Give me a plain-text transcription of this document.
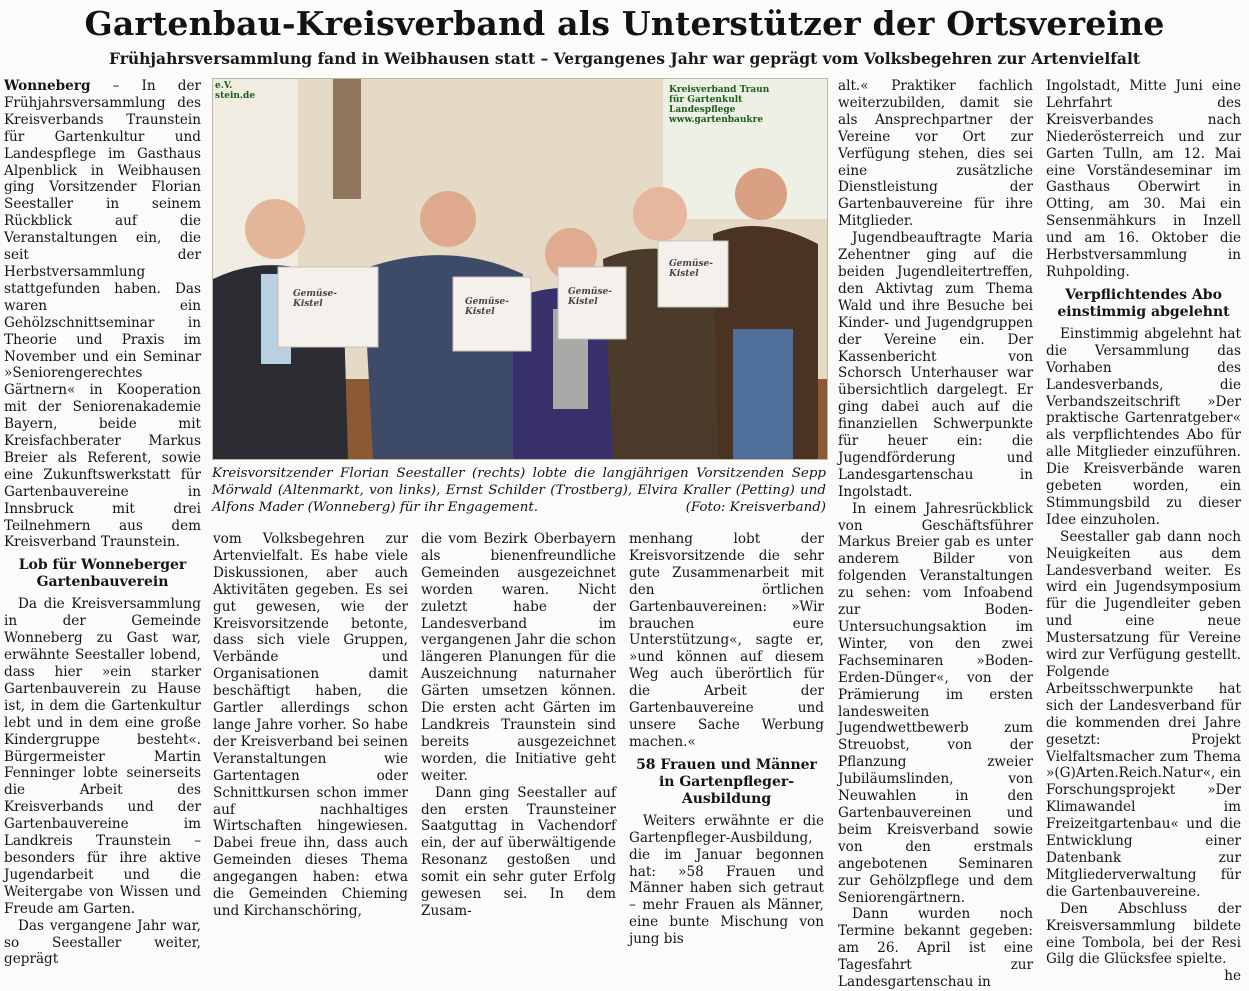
Gartenbau-Kreisverband als Unterstützer der Ortsvereine
Frühjahrsversammlung fand in Weibhausen statt – Vergangenes Jahr war geprägt vom Volksbegehren zur Artenvielfalt

Wonneberg – In der Frühjahrsversammlung des Kreisverbands Traunstein für Gartenkultur und Landespflege im Gasthaus Alpenblick in Weibhausen ging Vorsitzender Florian Seestaller in seinem Rückblick auf die Veranstaltungen ein, die seit der Herbstversammlung stattgefunden haben. Das waren ein Gehölzschnittseminar in Theorie und Praxis im November und ein Seminar »Seniorengerechtes Gärtnern« in Kooperation mit der Seniorenakademie Bayern, beide mit Kreisfachberater Markus Breier als Referent, sowie eine Zukunftswerkstatt für Gartenbauvereine in Innsbruck mit drei Teilnehmern aus dem Kreisverband Traunstein.

Lob für Wonneberger Gartenbauverein

Da die Kreisversammlung in der Gemeinde Wonneberg zu Gast war, erwähnte Seestaller lobend, dass hier »ein starker Gartenbauverein zu Hause ist, in dem die Gartenkultur lebt und in dem eine große Kindergruppe besteht«. Bürgermeister Martin Fenninger lobte seinerseits die Arbeit des Kreisverbands und der Gartenbauvereine im Landkreis Traunstein – besonders für ihre aktive Jugendarbeit und die Weitergabe von Wissen und Freude am Garten.

Das vergangene Jahr war, so Seestaller weiter, geprägt

e.V.
stein.de
Kreisverband Traun
für Gartenkult
Landespflege
www.gartenbaukre
Gemüse-
Kistel	Gemüse-
Kistel
Gemüse-
Kistel
Gemüse-
Kistel
Kreisvorsitzender Florian Seestaller (rechts) lobte die langjährigen Vorsitzenden Sepp Mörwald (Altenmarkt, von links), Ernst Schilder (Trostberg), Elvira Kraller (Petting) und Alfons Mader (Wonneberg) für ihr Engagement.	(Foto: Kreisverband)

vom Volksbegehren zur Artenvielfalt. Es habe viele Diskussionen, aber auch Aktivitäten gegeben. Es sei gut gewesen, wie der Kreisvorsitzende betonte, dass sich viele Gruppen, Verbände und Organisationen damit beschäftigt haben, die Gartler allerdings schon lange Jahre vorher. So habe der Kreisverband bei seinen Veranstaltungen wie Gartentagen oder Schnittkursen schon immer auf nachhaltiges Wirtschaften hingewiesen. Dabei freue ihn, dass auch Gemeinden dieses Thema angegangen haben: etwa die Gemeinden Chieming und Kirchanschöring,

die vom Bezirk Oberbayern als bienenfreundliche Gemeinden ausgezeichnet worden waren. Nicht zuletzt habe der Landesverband im vergangenen Jahr die schon längeren Planungen für die Auszeichnung naturnaher Gärten umsetzen können. Die ersten acht Gärten im Landkreis Traunstein sind bereits ausgezeichnet worden, die Initiative geht weiter.

Dann ging Seestaller auf den ersten Traunsteiner Saatguttag in Vachendorf ein, der auf überwältigende Resonanz gestoßen und somit ein sehr guter Erfolg gewesen sei. In dem Zusam-

menhang lobt der Kreisvorsitzende die sehr gute Zusammenarbeit mit den örtlichen Gartenbauvereinen: »Wir brauchen eure Unterstützung«, sagte er, »und können auf diesem Weg auch überörtlich für die Arbeit der Gartenbauvereine und unsere Sache Werbung machen.«

58 Frauen und Männer in Gartenpfleger-Ausbildung

Weiters erwähnte er die Gartenpfleger-Ausbildung, die im Januar begonnen hat: »58 Frauen und Männer haben sich getraut – mehr Frauen als Männer, eine bunte Mischung von jung bis

alt.« Praktiker fachlich weiterzubilden, damit sie als Ansprechpartner der Vereine vor Ort zur Verfügung stehen, dies sei eine zusätzliche Dienstleistung der Gartenbauvereine für ihre Mitglieder.

Jugendbeauftragte Maria Zehentner ging auf die beiden Jugendleitertreffen, den Aktivtag zum Thema Wald und ihre Besuche bei Kinder- und Jugendgruppen der Vereine ein. Der Kassenbericht von Schorsch Unterhauser war übersichtlich dargelegt. Er ging dabei auch auf die finanziellen Schwerpunkte für heuer ein: die Jugendförderung und Landesgartenschau in Ingolstadt.

In einem Jahresrückblick von Geschäftsführer Markus Breier gab es unter anderem Bilder von folgenden Veranstaltungen zu sehen: vom Infoabend zur Boden-Untersuchungsaktion im Winter, von den zwei Fachseminaren »Boden-Erden-Dünger«, von der Prämierung im ersten landesweiten Jugendwettbewerb zum Streuobst, von der Pflanzung zweier Jubiläumslinden, von Neuwahlen in den Gartenbauvereinen und beim Kreisverband sowie von den erstmals angebotenen Seminaren zur Gehölzpflege und dem Seniorengärtnern.

Dann wurden noch Termine bekannt gegeben: am 26. April ist eine Tagesfahrt zur Landesgartenschau in

Ingolstadt, Mitte Juni eine Lehrfahrt des Kreisverbandes nach Niederösterreich und zur Garten Tulln, am 12. Mai eine Vorständeseminar im Gasthaus Oberwirt in Otting, am 30. Mai ein Sensenmähkurs in Inzell und am 16. Oktober die Herbstversammlung in Ruhpolding.

Verpflichtendes Abo einstimmig abgelehnt

Einstimmig abgelehnt hat die Versammlung das Vorhaben des Landesverbands, die Verbandszeitschrift »Der praktische Gartenratgeber« als verpflichtendes Abo für alle Mitglieder einzuführen. Die Kreisverbände waren gebeten worden, ein Stimmungsbild zu dieser Idee einzuholen.

Seestaller gab dann noch Neuigkeiten aus dem Landesverband weiter. Es wird ein Jugendsymposium für die Jugendleiter geben und eine neue Mustersatzung für Vereine wird zur Verfügung gestellt. Folgende Arbeitsschwerpunkte hat sich der Landesverband für die kommenden drei Jahre gesetzt: Projekt Vielfaltsmacher zum Thema »(G)Arten.Reich.Natur«, ein Forschungsprojekt »Der Klimawandel im Freizeitgartenbau« und die Entwicklung einer Datenbank zur Mitgliederverwaltung für die Gartenbauvereine.

Den Abschluss der Kreisversammlung bildete eine Tombola, bei der Resi Gilg die Glücksfee spielte.
he
